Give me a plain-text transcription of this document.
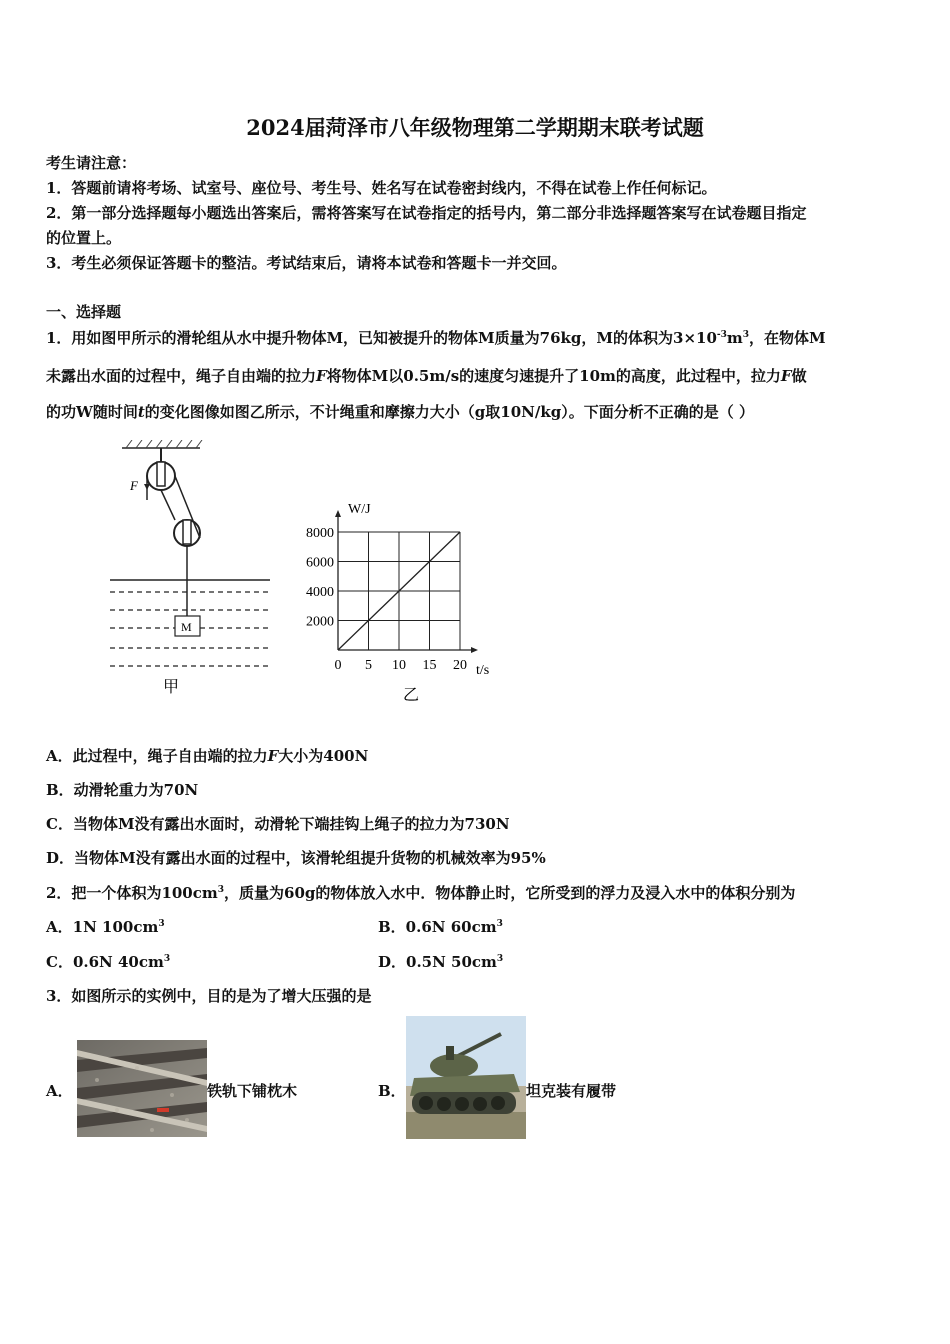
2024届菏泽市八年级物理第二学期期末联考试题
考生请注意：
1．答题前请将考场、试室号、座位号、考生号、姓名写在试卷密封线内，不得在试卷上作任何标记。
2．第一部分选择题每小题选出答案后，需将答案写在试卷指定的括号内，第二部分非选择题答案写在试卷题目指定
的位置上。
3．考生必须保证答题卡的整洁。考试结束后，请将本试卷和答题卡一并交回。
一、选择题
1．用如图甲所示的滑轮组从水中提升物体M，已知被提升的物体M质量为76kg，M的体积为$3\times 10^{-3}m^3$，在物体M
未露出水面的过程中，绳子自由端的拉力F将物体M以0.5m/s的速度匀速提升了10m的高度，此过程中，拉力F做
的功W随时间t的变化图像如图乙所示，不计绳重和摩擦力大小（g取10N/kg）。下面分析不正确的是（ ）
F
M
甲
0 5 10 15 20
2000
4000
6000
8000
W/J
t/s
乙
A．此过程中，绳子自由端的拉力F大小为400N
B．动滑轮重力为70N
C．当物体M没有露出水面时，动滑轮下端挂钩上绳子的拉力为730N
D．当物体M没有露出水面的过程中，该滑轮组提升货物的机械效率为95%
2．把一个体积为$100cm^3$，质量为60g的物体放入水中．物体静止时，它所受到的浮力及浸入水中的体积分别为
A．1N $100cm^3$	B．0.6N $60cm^3$
C．0.6N $40cm^3$	D．0.5N $50cm^3$
3．如图所示的实例中，目的是为了增大压强的是
A．	铁轨下铺枕木	B．	坦克装有履带
